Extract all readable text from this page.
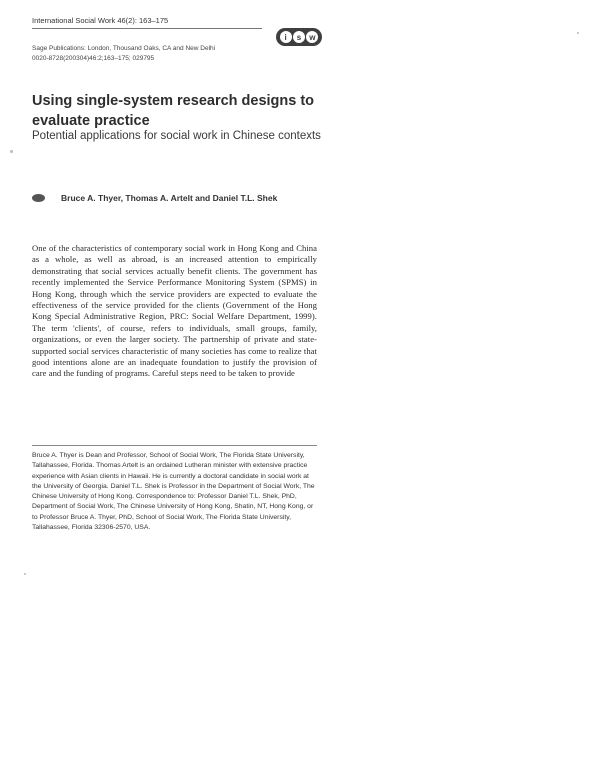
International Social Work 46(2): 163–175
i	s w
Sage Publications: London, Thousand Oaks, CA and New Delhi
0020-8728(200304)46:2;163–175; 029795
Using single-system research designs to evaluate practice
Potential applications for social work in Chinese contexts
Bruce A. Thyer, Thomas A. Artelt and Daniel T.L. Shek
One of the characteristics of contemporary social work in Hong Kong and China as a whole, as well as abroad, is an increased attention to empirically demonstrating that social services actually benefit clients. The government has recently implemented the Service Performance Monitoring System (SPMS) in Hong Kong, through which the service providers are expected to evaluate the effectiveness of the service provided for the clients (Government of the Hong Kong Special Administrative Region, PRC: Social Welfare Department, 1999). The term 'clients', of course, refers to individuals, small groups, family, organizations, or even the larger society. The partnership of private and state-supported social services characteristic of many societies has come to realize that good intentions alone are an inadequate foundation to justify the provision of care and the funding of programs. Careful steps need to be taken to provide
Bruce A. Thyer is Dean and Professor, School of Social Work, The Florida State University, Tallahassee, Florida. Thomas Artelt is an ordained Lutheran minister with extensive practice experience with Asian clients in Hawaii. He is currently a doctoral candidate in social work at the University of Georgia. Daniel T.L. Shek is Professor in the Department of Social Work, The Chinese University of Hong Kong. Correspondence to: Professor Daniel T.L. Shek, PhD, Department of Social Work, The Chinese University of Hong Kong, Shatin, NT, Hong Kong, or to Professor Bruce A. Thyer, PhD, School of Social Work, The Florida State University, Tallahassee, Florida 32306-2570, USA.
